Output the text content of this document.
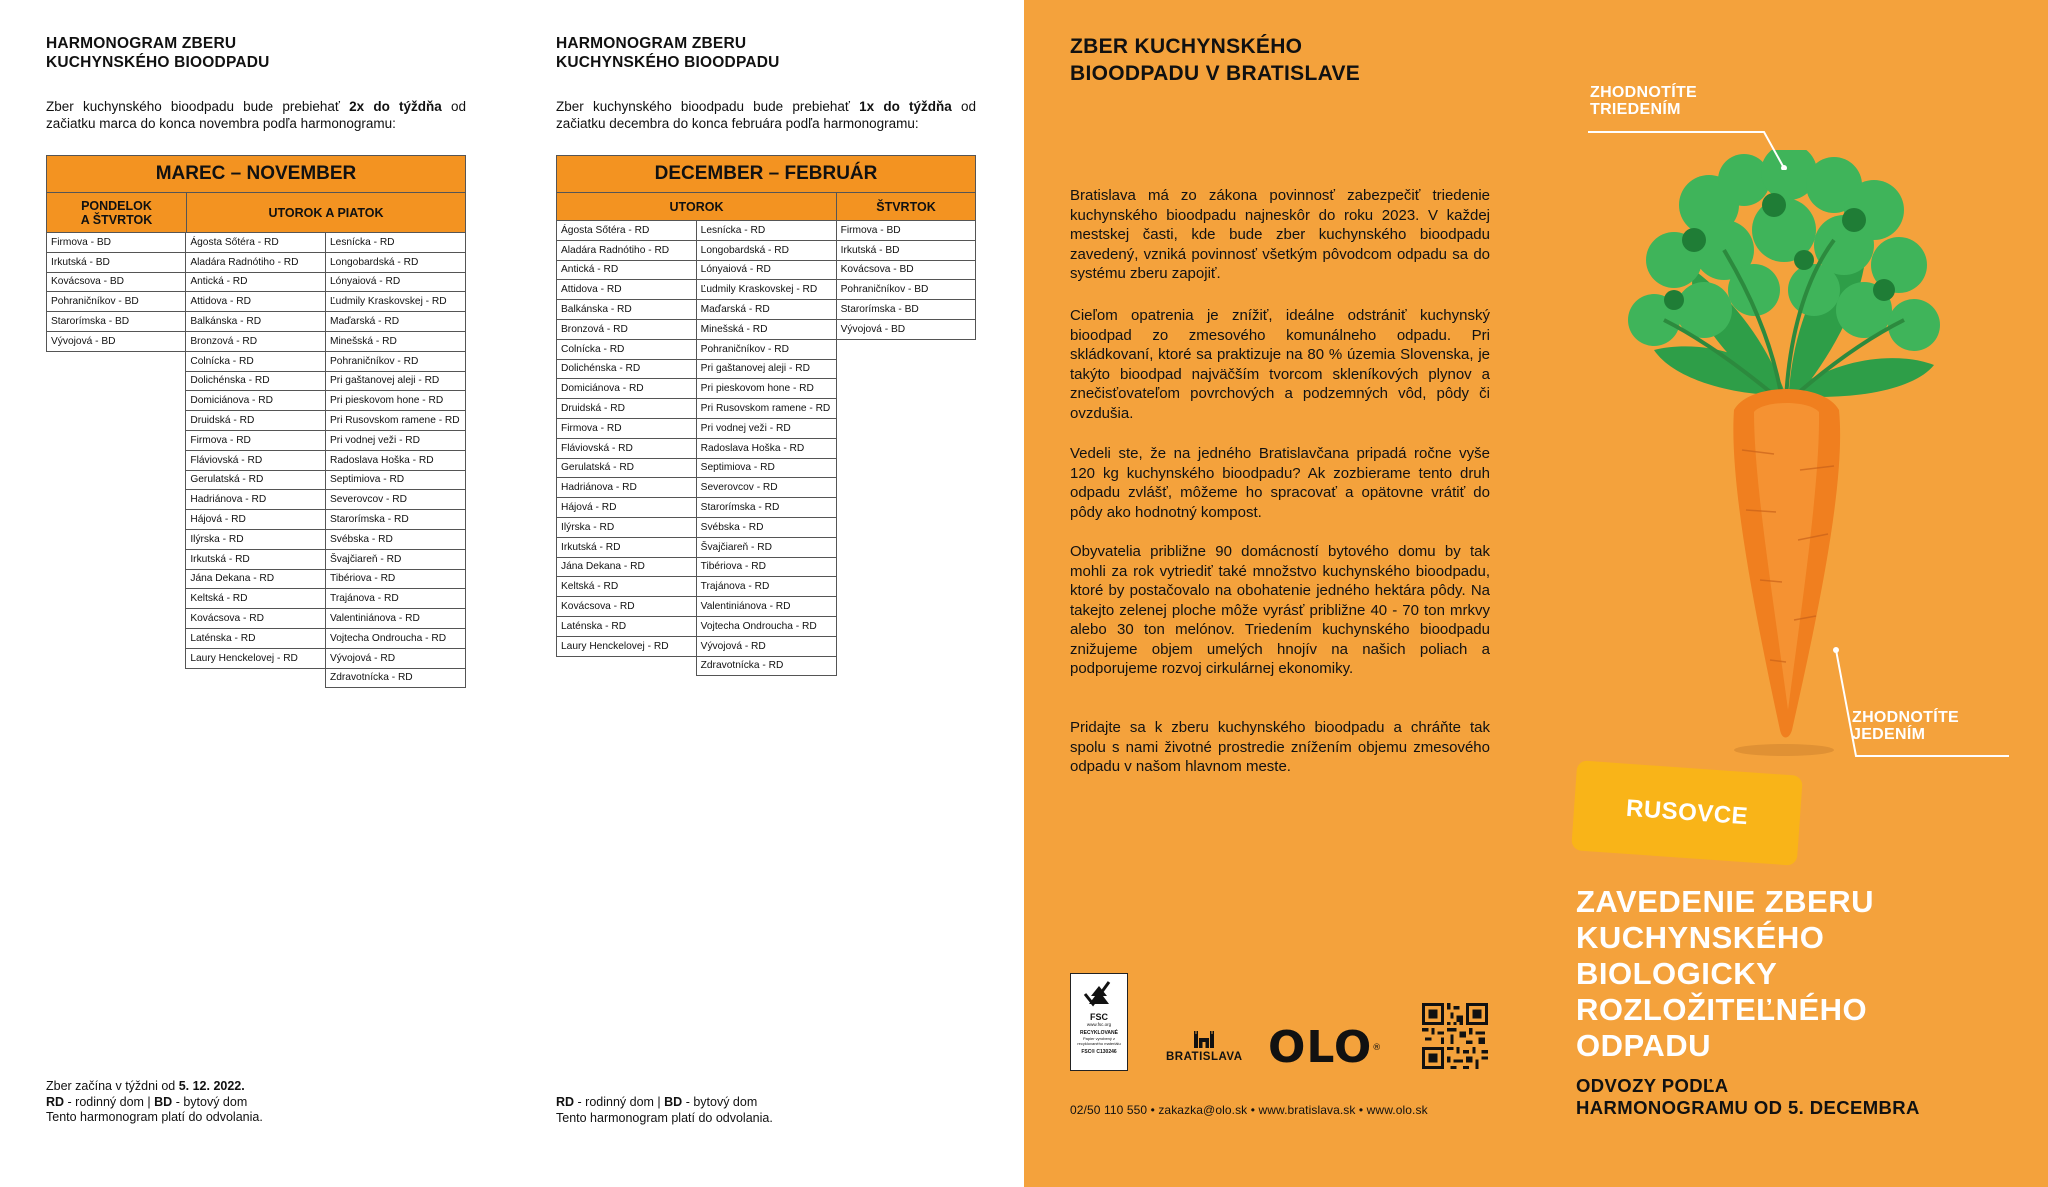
HARMONOGRAM ZBERU
KUCHYNSKÉHO BIOODPADU
Zber kuchynského bioodpadu bude prebiehať 2x do týždňa od začiatku marca do konca novembra podľa harmonogramu:
MAREC – NOVEMBER
PONDELOK
A ŠTVRTOK	UTOROK A PIATOK
Firmova - BD	Ágosta Sőtéra - RD	Lesnícka - RD
Irkutská - BD	Aladára Radnótiho - RD	Longobardská - RD
Kovácsova - BD	Antická - RD	Lónyaiová - RD
Pohraničníkov - BD	Attidova - RD	Ľudmily Kraskovskej - RD
Starorímska - BD	Balkánska - RD	Maďarská - RD
Vývojová - BD	Bronzová - RD	Minešská - RD
	Colnícka - RD	Pohraničníkov - RD
	Dolichénska - RD	Pri gaštanovej aleji - RD
	Domiciánova - RD	Pri pieskovom hone - RD
	Druidská - RD	Pri Rusovskom ramene - RD
	Firmova - RD	Pri vodnej veži - RD
	Fláviovská - RD	Radoslava Hoška - RD
	Gerulatská - RD	Septimiova - RD
	Hadriánova - RD	Severovcov - RD
	Hájová - RD	Starorímska - RD
	Ilýrska - RD	Svébska - RD
	Irkutská - RD	Švajčiareň - RD
	Jána Dekana - RD	Tibériova - RD
	Keltská - RD	Trajánova - RD
	Kovácsova - RD	Valentiniánova - RD
	Laténska - RD	Vojtecha Ondroucha - RD
	Laury Henckelovej - RD	Vývojová - RD
		Zdravotnícka - RD
Zber začína v týždni od 5. 12. 2022.
RD - rodinný dom | BD - bytový dom
Tento harmonogram platí do odvolania.
HARMONOGRAM ZBERU
KUCHYNSKÉHO BIOODPADU
Zber kuchynského bioodpadu bude prebiehať 1x do týždňa od začiatku decembra do konca februára podľa harmonogramu:
DECEMBER – FEBRUÁR
UTOROK	ŠTVRTOK
Ágosta Sőtéra - RD	Lesnícka - RD	Firmova - BD
Aladára Radnótiho - RD	Longobardská - RD	Irkutská - BD
Antická - RD	Lónyaiová - RD	Kovácsova - BD
Attidova - RD	Ľudmily Kraskovskej - RD	Pohraničníkov - BD
Balkánska - RD	Maďarská - RD	Starorímska - BD
Bronzová - RD	Minešská - RD	Vývojová - BD
Colnícka - RD	Pohraničníkov - RD	
Dolichénska - RD	Pri gaštanovej aleji - RD	
Domiciánova - RD	Pri pieskovom hone - RD	
Druidská - RD	Pri Rusovskom ramene - RD	
Firmova - RD	Pri vodnej veži - RD	
Fláviovská - RD	Radoslava Hoška - RD	
Gerulatská - RD	Septimiova - RD	
Hadriánova - RD	Severovcov - RD	
Hájová - RD	Starorímska - RD	
Ilýrska - RD	Svébska - RD	
Irkutská - RD	Švajčiareň - RD	
Jána Dekana - RD	Tibériova - RD	
Keltská - RD	Trajánova - RD	
Kovácsova - RD	Valentiniánova - RD	
Laténska - RD	Vojtecha Ondroucha - RD	
Laury Henckelovej - RD	Vývojová - RD	
	Zdravotnícka - RD	
RD - rodinný dom | BD - bytový dom
Tento harmonogram platí do odvolania.
ZBER KUCHYNSKÉHO
BIOODPADU V BRATISLAVE

Bratislava má zo zákona povinnosť zabezpečiť triedenie kuchynského bioodpadu najneskôr do roku 2023. V každej mestskej časti, kde bude zber kuchynského bioodpadu zavedený, vzniká povinnosť všetkým pôvodcom odpadu sa do systému zberu zapojiť.

Cieľom opatrenia je znížiť, ideálne odstrániť kuchynský bioodpad zo zmesového komunálneho odpadu. Pri skládkovaní, ktoré sa praktizuje na 80 % územia Slovenska, je takýto bioodpad najväčším tvorcom skleníkových plynov a znečisťovateľom povrchových a podzemných vôd, pôdy či ovzdušia.

Vedeli ste, že na jedného Bratislavčana pripadá ročne vyše 120 kg kuchynského bioodpadu? Ak zozbierame tento druh odpadu zvlášť, môžeme ho spracovať a opätovne vrátiť do pôdy ako hodnotný kompost.

Obyvatelia približne 90 domácností bytového domu by tak mohli za rok vytriediť také množstvo kuchynského bioodpadu, ktoré by postačovalo na obohatenie jedného hektára pôdy. Na takejto zelenej ploche môže vyrásť približne 40 - 70 ton mrkvy alebo 30 ton melónov. Triedením kuchynského bioodpadu znižujeme objem umelých hnojív na našich poliach a podporujeme rozvoj cirkulárnej ekonomiky.

Pridajte sa k zberu kuchynského bioodpadu a chráňte tak spolu s nami životné prostredie znížením objemu zmesového odpadu v našom hlavnom meste.

ZHODNOTÍTE
TRIEDENÍM
ZHODNOTÍTE
JEDENÍM
RUSOVCE
ZAVEDENIE ZBERU
KUCHYNSKÉHO
BIOLOGICKY
ROZLOŽITEĽNÉHO
ODPADU
ODVOZY PODĽA
HARMONOGRAMU OD 5. DECEMBRA
FSC
www.fsc.org
RECYKLOVANÉ
Papier vyrobený z recyklovaného materiálu
FSC® C130246	BRATISLAVA OLO®
02/50 110 550 • zakazka@olo.sk • www.bratislava.sk • www.olo.sk
